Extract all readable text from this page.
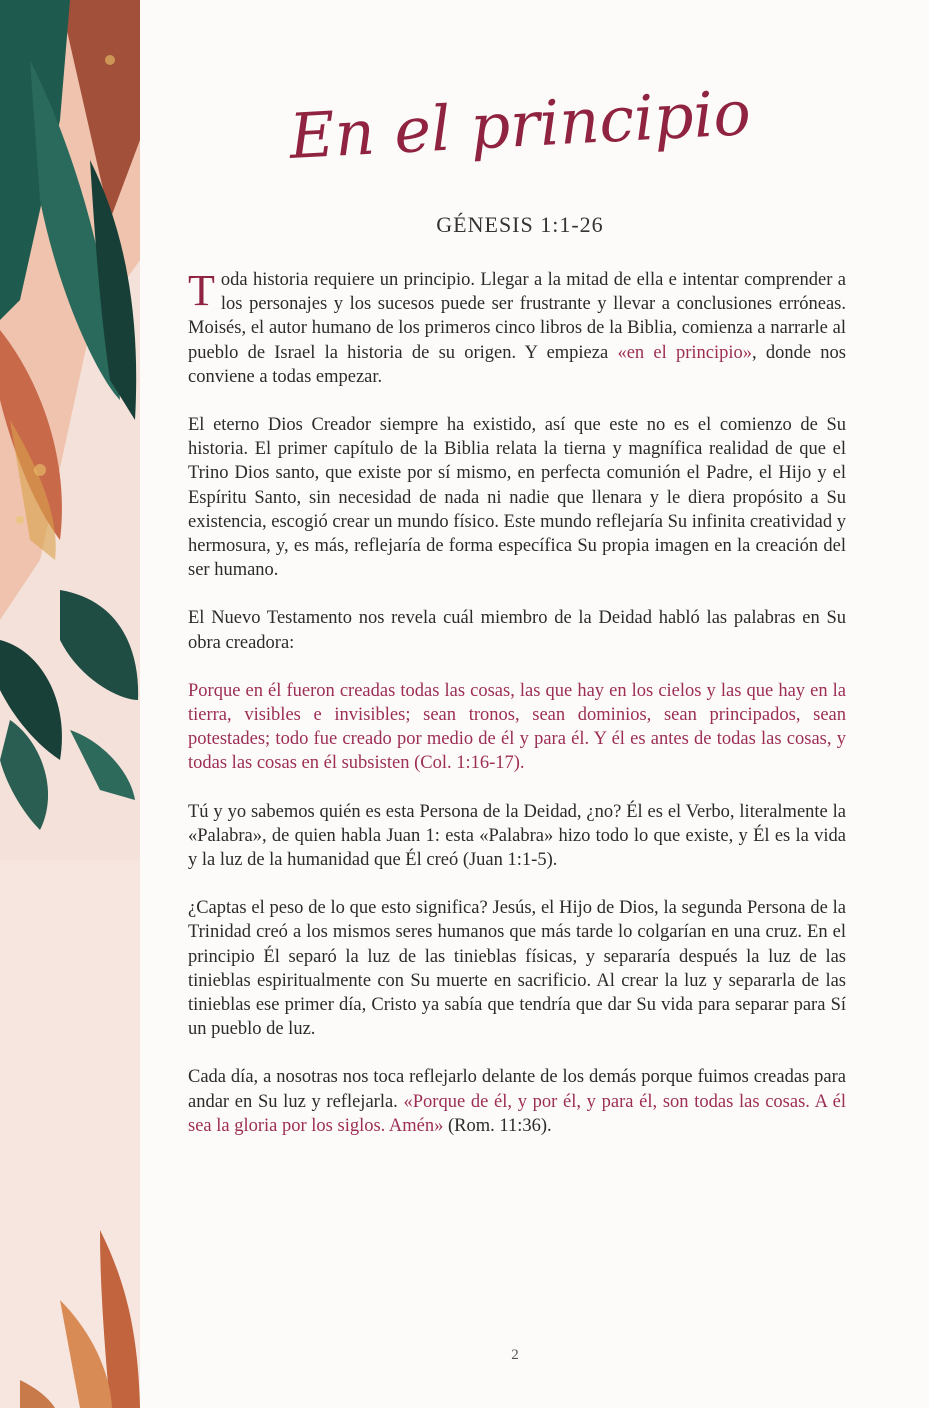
En el principio
GÉNESIS 1:1-26

Toda historia requiere un principio. Llegar a la mitad de ella e intentar comprender a los personajes y los sucesos puede ser frustrante y llevar a conclusiones erróneas. Moisés, el autor humano de los primeros cinco libros de la Biblia, comienza a narrarle al pueblo de Israel la historia de su origen. Y empieza «en el principio», donde nos conviene a todas empezar.

El eterno Dios Creador siempre ha existido, así que este no es el comienzo de Su historia. El primer capítulo de la Biblia relata la tierna y magnífica realidad de que el Trino Dios santo, que existe por sí mismo, en perfecta comunión el Padre, el Hijo y el Espíritu Santo, sin necesidad de nada ni nadie que llenara y le diera propósito a Su existencia, escogió crear un mundo físico. Este mundo reflejaría Su infinita creatividad y hermosura, y, es más, reflejaría de forma específica Su propia imagen en la creación del ser humano.

El Nuevo Testamento nos revela cuál miembro de la Deidad habló las palabras en Su obra creadora:

Porque en él fueron creadas todas las cosas, las que hay en los cielos y las que hay en la tierra, visibles e invisibles; sean tronos, sean dominios, sean principados, sean potestades; todo fue creado por medio de él y para él. Y él es antes de todas las cosas, y todas las cosas en él subsisten (Col. 1:16-17).

Tú y yo sabemos quién es esta Persona de la Deidad, ¿no? Él es el Verbo, literalmente la «Palabra», de quien habla Juan 1: esta «Palabra» hizo todo lo que existe, y Él es la vida y la luz de la humanidad que Él creó (Juan 1:1-5).

¿Captas el peso de lo que esto significa? Jesús, el Hijo de Dios, la segunda Persona de la Trinidad creó a los mismos seres humanos que más tarde lo colgarían en una cruz. En el principio Él separó la luz de las tinieblas físicas, y separaría después la luz de las tinieblas espiritualmente con Su muerte en sacrificio. Al crear la luz y separarla de las tinieblas ese primer día, Cristo ya sabía que tendría que dar Su vida para separar para Sí un pueblo de luz.

Cada día, a nosotras nos toca reflejarlo delante de los demás porque fuimos creadas para andar en Su luz y reflejarla. «Porque de él, y por él, y para él, son todas las cosas. A él sea la gloria por los siglos. Amén» (Rom. 11:36).

2
